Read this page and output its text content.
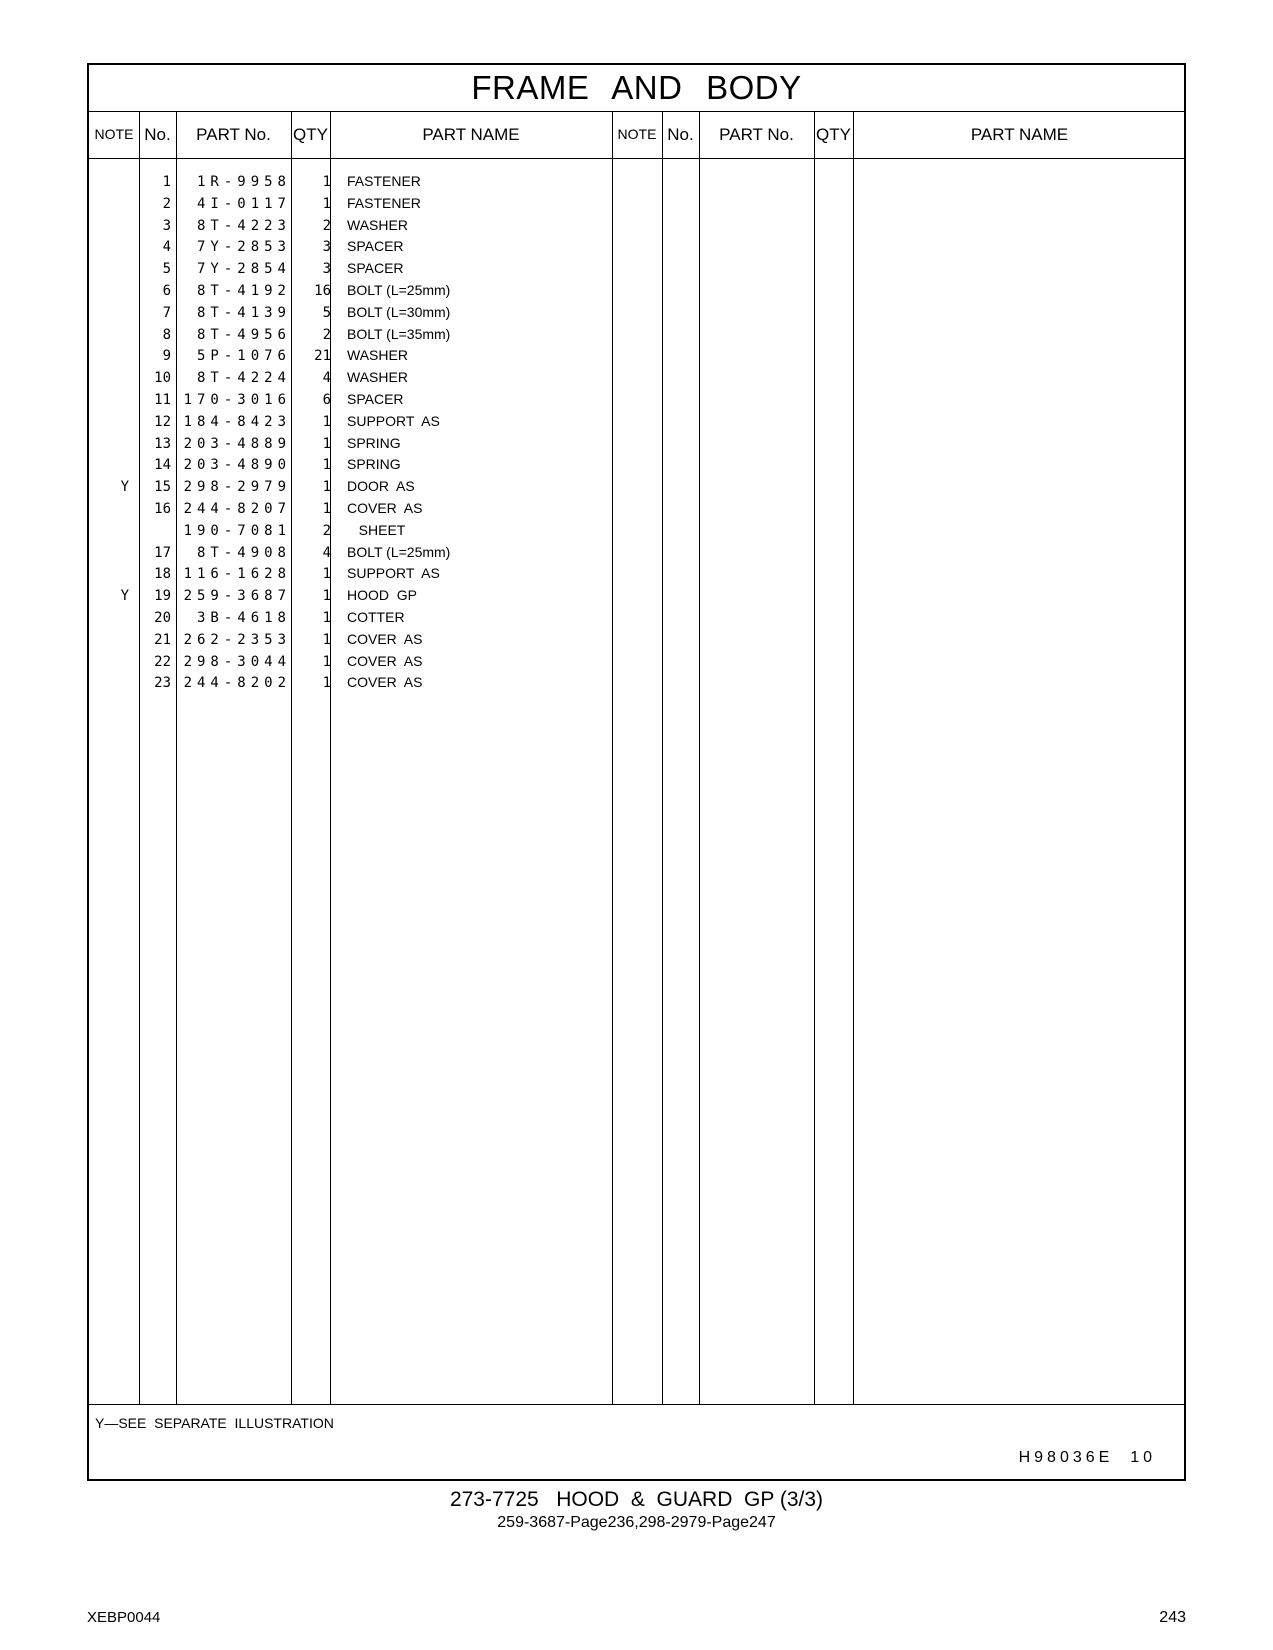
FRAME AND BODY
NOTE No.	PART No.	QTY	PART NAME	NOTE No.	PART No.	QTY	PART NAME
1	1R-9958	1	FASTENER
2	4I-0117	1	FASTENER
3	8T-4223	2	WASHER
4	7Y-2853	3	SPACER
5	7Y-2854	3	SPACER
6	8T-4192	16	BOLT (L=25mm)
7	8T-4139	5	BOLT (L=30mm)
8	8T-4956	2	BOLT (L=35mm)
9	5P-1076	21	WASHER
10	8T-4224	4	WASHER
11 170-3016	6	SPACER
12 184-8423	1	SUPPORT  AS
13 203-4889	1	SPRING
14 203-4890	1	SPRING
Y	15 298-2979	1	DOOR  AS
16 244-8207	1	COVER  AS
190-7081	2	SHEET
17	8T-4908	4	BOLT (L=25mm)
18 116-1628	1	SUPPORT  AS
Y	19 259-3687	1	HOOD  GP
20	3B-4618	1	COTTER
21 262-2353	1	COVER  AS
22 298-3044	1	COVER  AS
23 244-8202	1	COVER  AS
Y—SEE  SEPARATE  ILLUSTRATION
H98036E  10
273-7725   HOOD  &  GUARD  GP (3/3)
259-3687-Page236,298-2979-Page247
XEBP0044	243
